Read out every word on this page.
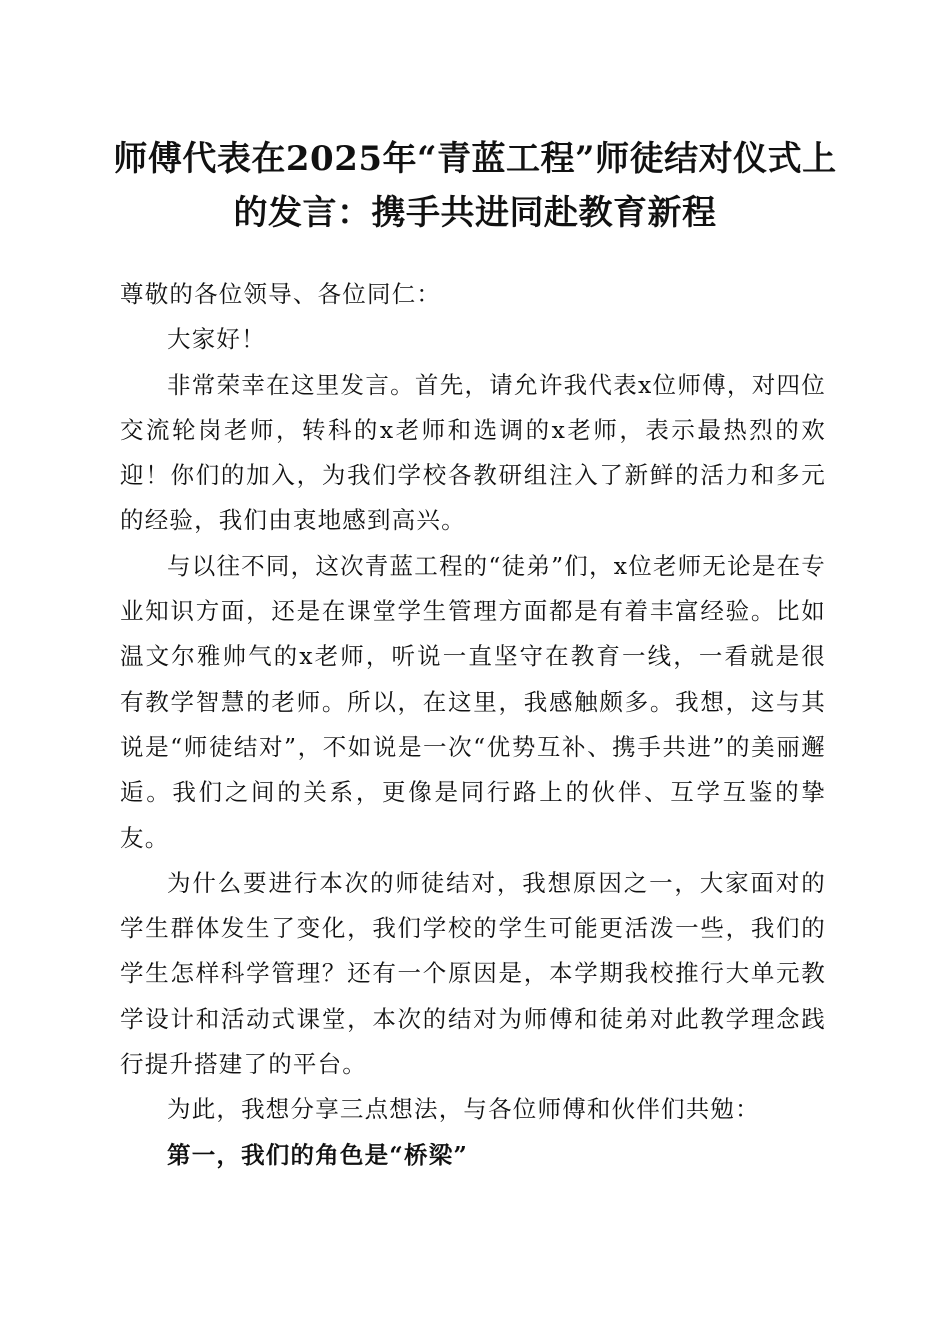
师傅代表在2025年“青蓝工程”师徒结对仪式上的发言：携手共进同赴教育新程

尊敬的各位领导、各位同仁：

大家好！

非常荣幸在这里发言。首先，请允许我代表x位师傅，对四位交流轮岗老师，转科的x老师和选调的x老师，表示最热烈的欢迎！你们的加入，为我们学校各教研组注入了新鲜的活力和多元的经验，我们由衷地感到高兴。

与以往不同，这次青蓝工程的“徒弟”们，x位老师无论是在专业知识方面，还是在课堂学生管理方面都是有着丰富经验。比如温文尔雅帅气的x老师，听说一直坚守在教育一线，一看就是很有教学智慧的老师。所以，在这里，我感触颇多。我想，这与其说是“师徒结对”，不如说是一次“优势互补、携手共进”的美丽邂逅。我们之间的关系，更像是同行路上的伙伴、互学互鉴的挚友。

为什么要进行本次的师徒结对，我想原因之一，大家面对的学生群体发生了变化，我们学校的学生可能更活泼一些，我们的学生怎样科学管理？还有一个原因是，本学期我校推行大单元教学设计和活动式课堂，本次的结对为师傅和徒弟对此教学理念践行提升搭建了的平台。

为此，我想分享三点想法，与各位师傅和伙伴们共勉：

第一，我们的角色是“桥梁”
